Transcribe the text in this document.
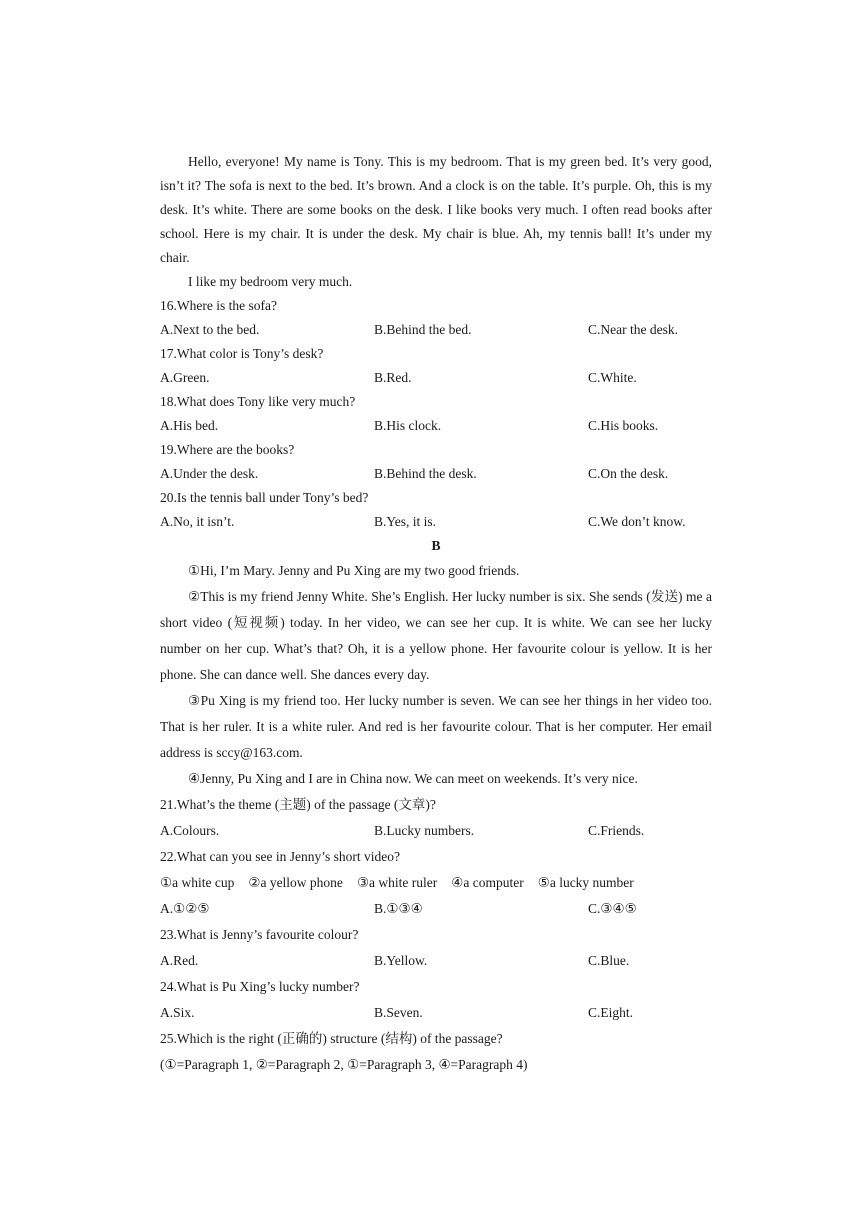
Hello, everyone! My name is Tony. This is my bedroom. That is my green bed. It’s very good, isn’t it? The sofa is next to the bed. It’s brown. And a clock is on the table. It’s purple. Oh, this is my desk. It’s white. There are some books on the desk. I like books very much. I often read books after school. Here is my chair. It is under the desk. My chair is blue. Ah, my tennis ball! It’s under my chair.

I like my bedroom very much.

16.Where is the sofa?

A.Next to the bed.	B.Behind the bed.	C.Near the desk.

17.What color is Tony’s desk?

A.Green.	B.Red.	C.White.

18.What does Tony like very much?

A.His bed.	B.His clock.	C.His books.

19.Where are the books?

A.Under the desk.	B.Behind the desk.	C.On the desk.

20.Is the tennis ball under Tony’s bed?

A.No, it isn’t.	B.Yes, it is.	C.We don’t know.
B

①Hi, I’m Mary. Jenny and Pu Xing are my two good friends.

②This is my friend Jenny White. She’s English. Her lucky number is six. She sends (发送) me a short video (短视频) today. In her video, we can see her cup. It is white. We can see her lucky number on her cup. What’s that? Oh, it is a yellow phone. Her favourite colour is yellow. It is her phone. She can dance well. She dances every day.

③Pu Xing is my friend too. Her lucky number is seven. We can see her things in her video too. That is her ruler. It is a white ruler. And red is her favourite colour. That is her computer. Her email address is sccy@163.com.

④Jenny, Pu Xing and I are in China now. We can meet on weekends. It’s very nice.

21.What’s the theme (主题) of the passage (文章)?

A.Colours.	B.Lucky numbers.	C.Friends.

22.What can you see in Jenny’s short video?

①a white cup ②a yellow phone ③a white ruler ④a computer ⑤a lucky number
A.①②⑤	B.①③④	C.③④⑤

23.What is Jenny’s favourite colour?

A.Red.	B.Yellow.	C.Blue.

24.What is Pu Xing’s lucky number?

A.Six.	B.Seven.	C.Eight.

25.Which is the right (正确的) structure (结构) of the passage?

(①=Paragraph 1, ②=Paragraph 2, ①=Paragraph 3, ④=Paragraph 4)
